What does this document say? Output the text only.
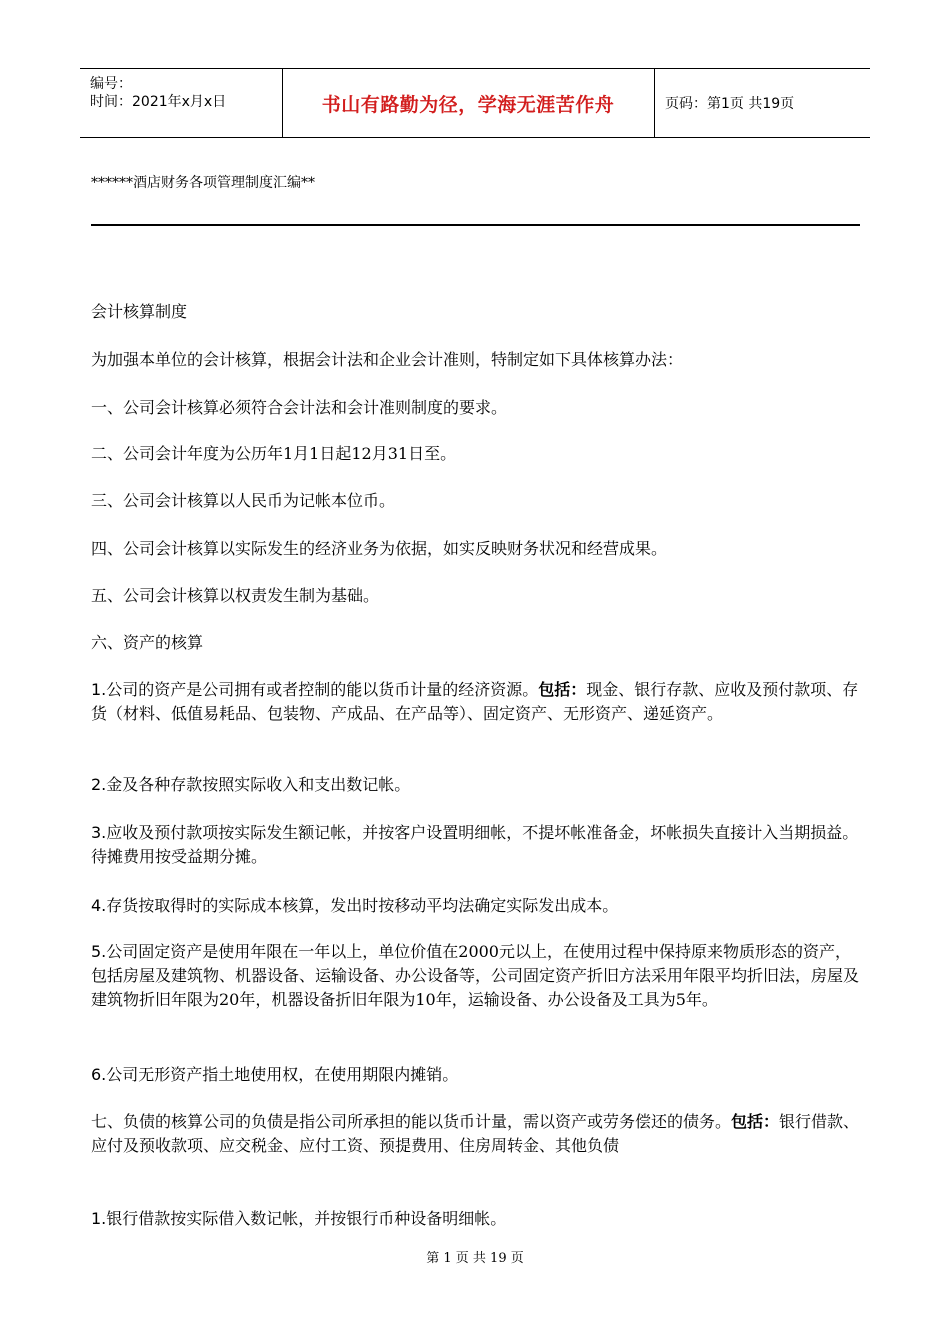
编号：
时间：2021年x月x日	书山有路勤为径，学海无涯苦作舟	页码：第1页 共19页
******酒店财务各项管理制度汇编**

会计核算制度

为加强本单位的会计核算，根据会计法和企业会计准则，特制定如下具体核算办法：

一、公司会计核算必须符合会计法和会计准则制度的要求。

二、公司会计年度为公历年1月1日起12月31日至。

三、公司会计核算以人民币为记帐本位币。

四、公司会计核算以实际发生的经济业务为依据，如实反映财务状况和经营成果。

五、公司会计核算以权责发生制为基础。

六、资产的核算

1.公司的资产是公司拥有或者控制的能以货币计量的经济资源。包括：现金、银行存款、应收及预付款项、存货（材料、低值易耗品、包装物、产成品、在产品等）、固定资产、无形资产、递延资产。

2.金及各种存款按照实际收入和支出数记帐。

3.应收及预付款项按实际发生额记帐，并按客户设置明细帐，不提坏帐准备金，坏帐损失直接计入当期损益。待摊费用按受益期分摊。

4.存货按取得时的实际成本核算，发出时按移动平均法确定实际发出成本。

5.公司固定资产是使用年限在一年以上，单位价值在2000元以上，在使用过程中保持原来物质形态的资产，包括房屋及建筑物、机器设备、运输设备、办公设备等，公司固定资产折旧方法采用年限平均折旧法，房屋及建筑物折旧年限为20年，机器设备折旧年限为10年，运输设备、办公设备及工具为5年。

6.公司无形资产指土地使用权，在使用期限内摊销。

七、负债的核算公司的负债是指公司所承担的能以货币计量，需以资产或劳务偿还的债务。包括：银行借款、应付及预收款项、应交税金、应付工资、预提费用、住房周转金、其他负债

1.银行借款按实际借入数记帐，并按银行币种设备明细帐。

第 1 页 共 19 页
